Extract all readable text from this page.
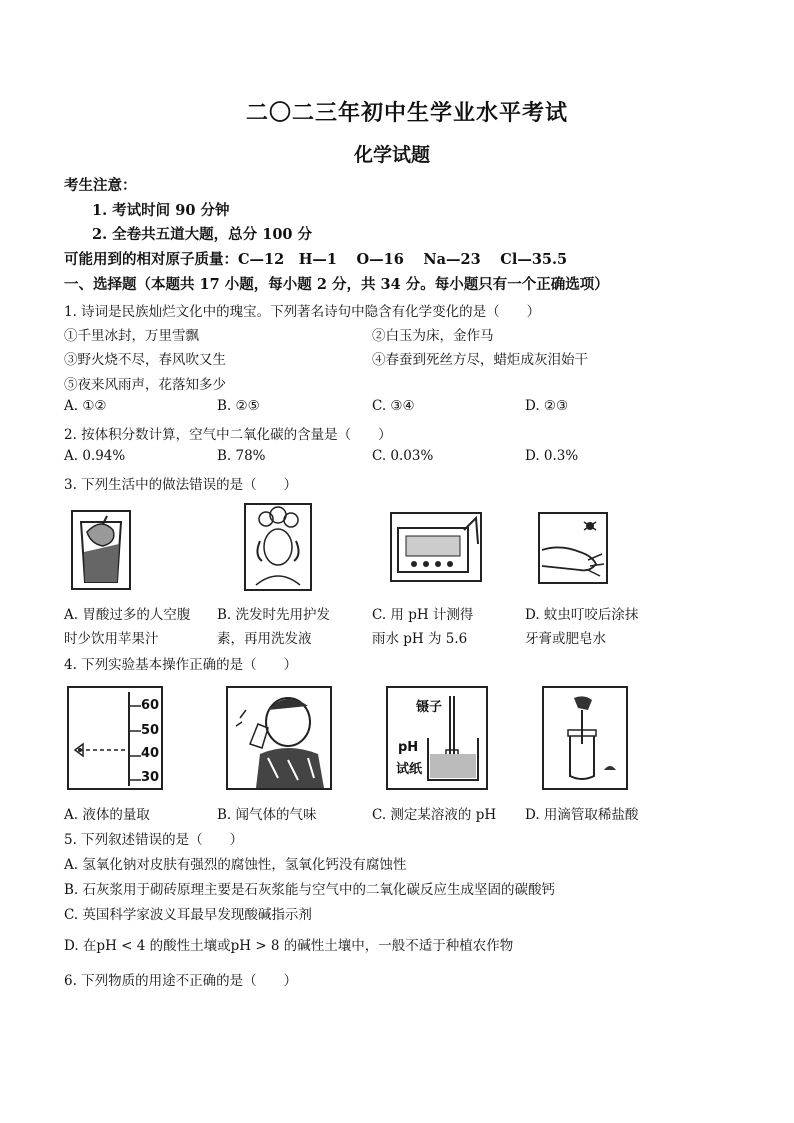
二〇二三年初中生学业水平考试
化学试题
考生注意：
1. 考试时间 90 分钟
2. 全卷共五道大题，总分 100 分
可能用到的相对原子质量：C—12　H—1　 O—16　 Na—23　 Cl—35.5
一、选择题（本题共 17 小题，每小题 2 分，共 34 分。每小题只有一个正确选项）
1. 诗词是民族灿烂文化中的瑰宝。下列著名诗句中隐含有化学变化的是（　　）
①千里冰封，万里雪飘	②白玉为床，金作马
③野火烧不尽，春风吹又生	④春蚕到死丝方尽，蜡炬成灰泪始干
⑤夜来风雨声，花落知多少
A. ①②	B. ②⑤	C. ③④	D. ②③
2. 按体积分数计算，空气中二氧化碳的含量是（　　）
A. 0.94%	B. 78%	C. 0.03%	D. 0.3%
3. 下列生活中的做法错误的是（　　）
A. 胃酸过多的人空腹
时少饮用苹果汁
B. 洗发时先用护发
素，再用洗发液
C. 用 pH 计测得
雨水 pH 为 5.6
D. 蚊虫叮咬后涂抹
牙膏或肥皂水
4. 下列实验基本操作正确的是（　　）
60
50
40
30
镊子
pH
试纸
A. 液体的量取	B. 闻气体的气味	C. 测定某溶液的 pH D. 用滴管取稀盐酸
5. 下列叙述错误的是（　　）
A. 氢氧化钠对皮肤有强烈的腐蚀性，氢氧化钙没有腐蚀性
B. 石灰浆用于砌砖原理主要是石灰浆能与空气中的二氧化碳反应生成坚固的碳酸钙
C. 英国科学家波义耳最早发现酸碱指示剂
D. 在pH < 4 的酸性土壤或pH > 8 的碱性土壤中，一般不适于种植农作物
6. 下列物质的用途不正确的是（　　）
